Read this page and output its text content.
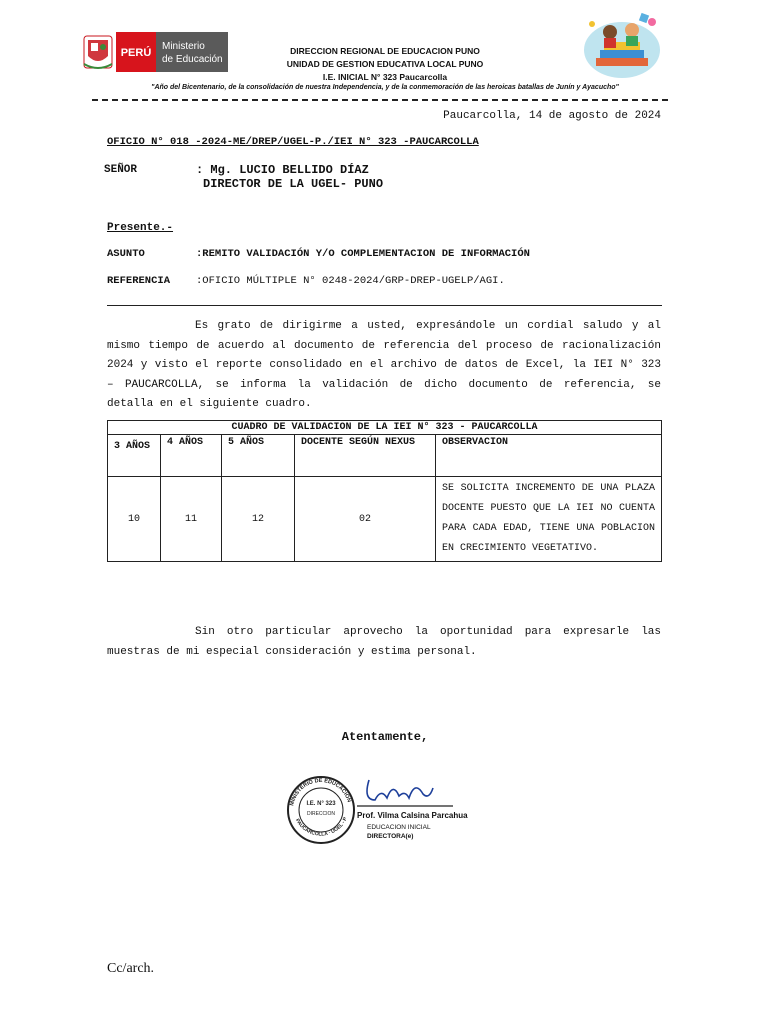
PERÚ
Ministerio
de Educación
DIRECCION REGIONAL DE EDUCACION PUNO
UNIDAD DE GESTION EDUCATIVA LOCAL PUNO
I.E. INICIAL N° 323 Paucarcolla
"Año del Bicentenario, de la consolidación de nuestra Independencia, y de la conmemoración de las heroicas batallas de Junín y Ayacucho"
Paucarcolla, 14 de agosto de 2024
OFICIO N° 018 -2024-ME/DREP/UGEL-P./IEI N° 323 -PAUCARCOLLA
SEÑOR	: Mg. LUCIO BELLIDO DÍAZ
DIRECTOR DE LA UGEL- PUNO
Presente.-
ASUNTO	:REMITO VALIDACIÓN Y/O COMPLEMENTACION DE INFORMACIÓN
REFERENCIA :OFICIO MÚLTIPLE N° 0248-2024/GRP-DREP-UGELP/AGI.
Es grato de dirigirme a usted, expresándole un cordial saludo y al mismo tiempo de acuerdo al documento de referencia del proceso de racionalización 2024 y visto el reporte consolidado en el archivo de datos de Excel, la IEI N° 323 – PAUCARCOLLA, se informa la validación de dicho documento de referencia, se detalla en el siguiente cuadro.
CUADRO DE VALIDACION DE LA IEI N° 323 - PAUCARCOLLA				
3 AÑOS	4 AÑOS	5 AÑOS	DOCENTE SEGÚN NEXUS	OBSERVACION
10	11	12	02	SE SOLICITA INCREMENTO DE UNA PLAZA DOCENTE PUESTO QUE LA IEI NO CUENTA PARA CADA EDAD, TIENE UNA POBLACION EN CRECIMIENTO VEGETATIVO.
Sin otro particular aprovecho la oportunidad para expresarle las muestras de mi especial consideración y estima personal.
Atentamente,
MINISTERIO DE EDUCACION
I.E. N° 323
DIRECCION
PAUCARCOLLA · UGEL - P Prof. Vilma Calsina Parcahua
EDUCACION INICIAL
DIRECTORA(e)
Cc/arch.
